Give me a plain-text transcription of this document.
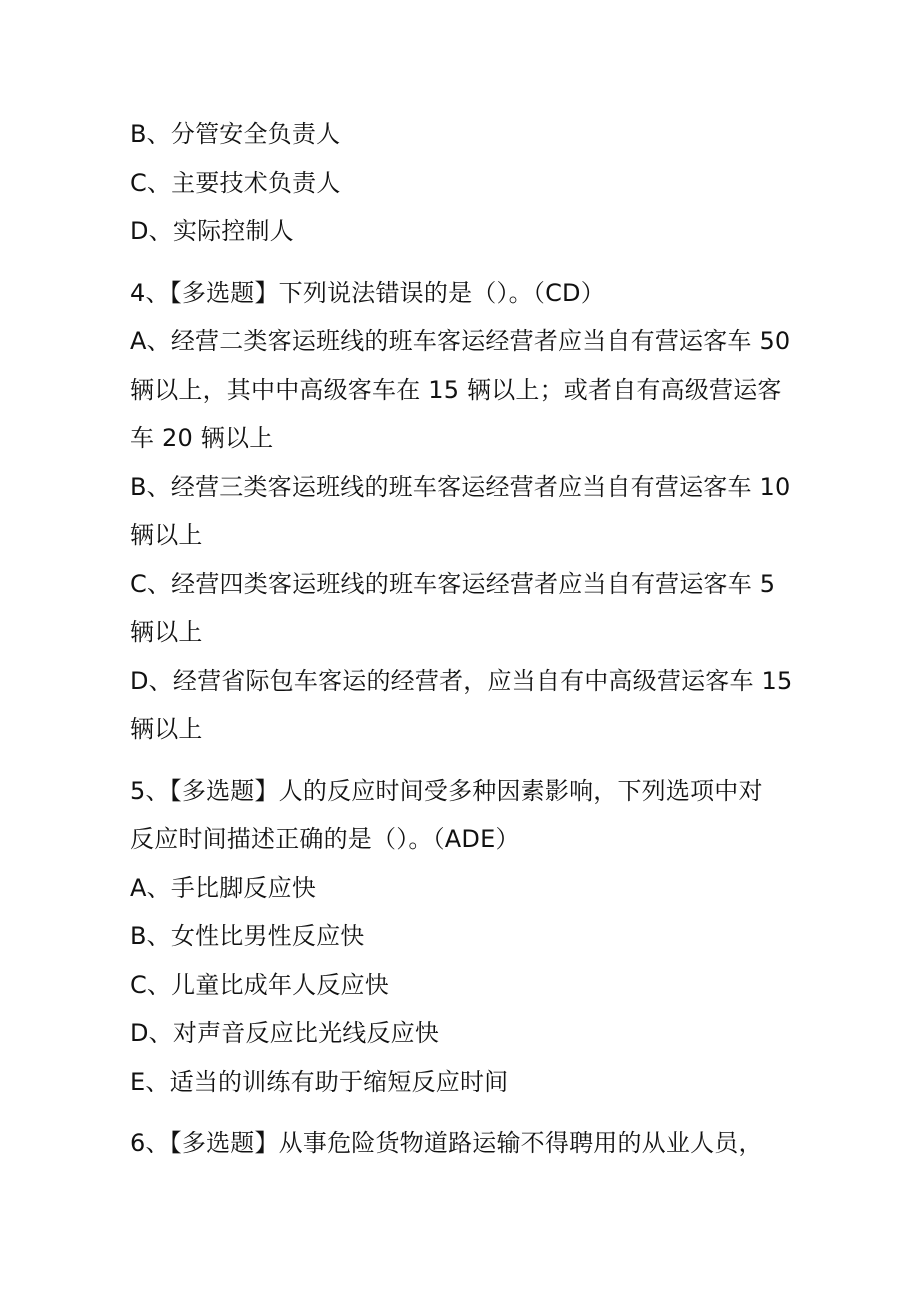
B、分管安全负责人
C、主要技术负责人
D、实际控制人
4、【多选题】下列说法错误的是（）。（CD）
A、经营二类客运班线的班车客运经营者应当自有营运客车 50
辆以上，其中中高级客车在 15 辆以上；或者自有高级营运客
车 20 辆以上
B、经营三类客运班线的班车客运经营者应当自有营运客车 10
辆以上
C、经营四类客运班线的班车客运经营者应当自有营运客车 5
辆以上
D、经营省际包车客运的经营者，应当自有中高级营运客车 15
辆以上
5、【多选题】人的反应时间受多种因素影响，下列选项中对
反应时间描述正确的是（）。（ADE）
A、手比脚反应快
B、女性比男性反应快
C、儿童比成年人反应快
D、对声音反应比光线反应快
E、适当的训练有助于缩短反应时间
6、【多选题】从事危险货物道路运输不得聘用的从业人员，
